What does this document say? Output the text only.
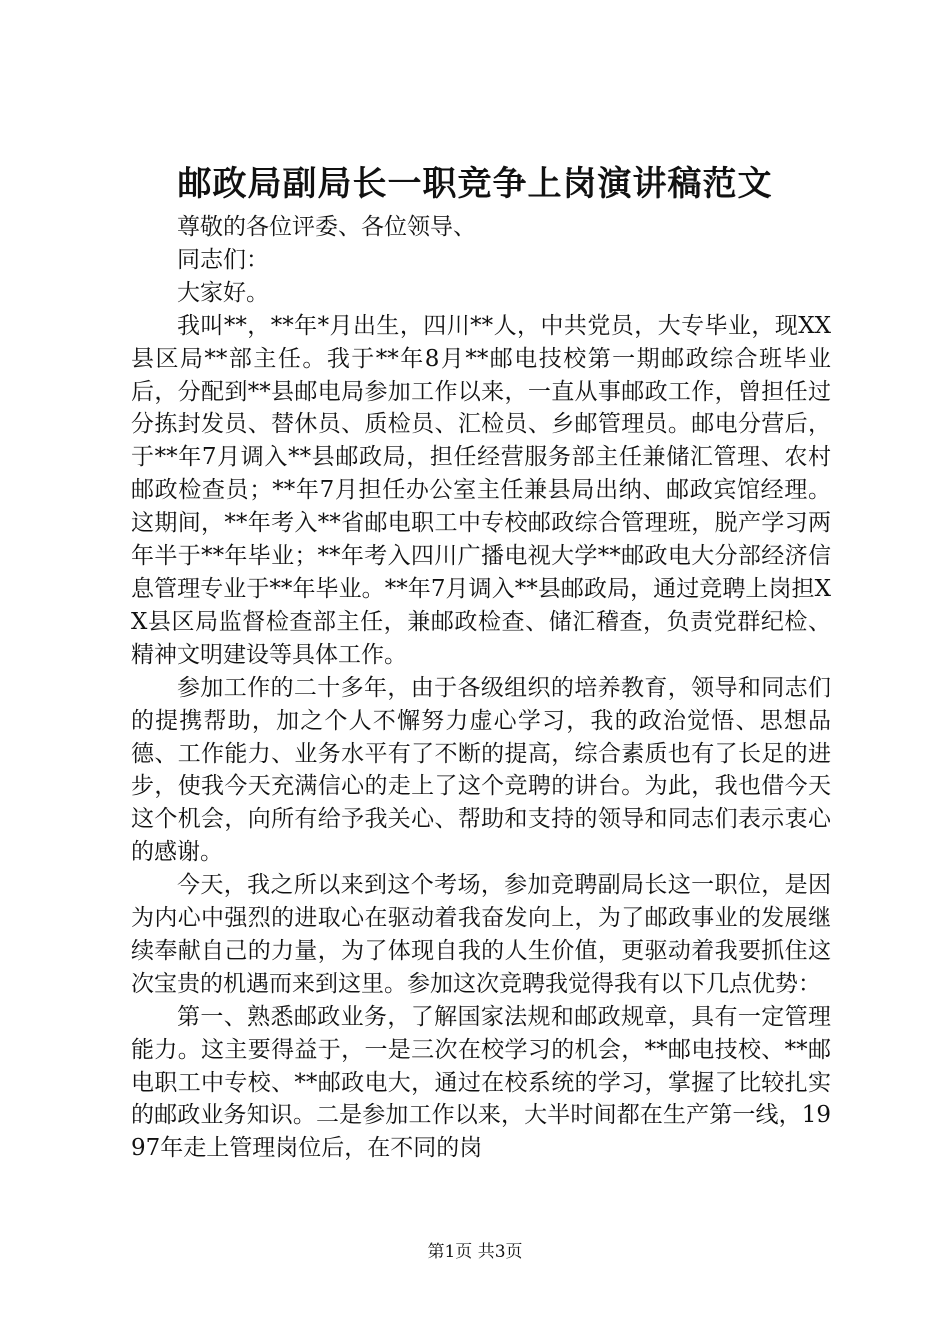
邮政局副局长一职竞争上岗演讲稿范文

尊敬的各位评委、各位领导、

同志们：

大家好。

我叫**，**年*月出生，四川**人，中共党员，大专毕业，现XX县区局**部主任。我于**年8月**邮电技校第一期邮政综合班毕业后，分配到**县邮电局参加工作以来，一直从事邮政工作，曾担任过分拣封发员、替休员、质检员、汇检员、乡邮管理员。邮电分营后，于**年7月调入**县邮政局，担任经营服务部主任兼储汇管理、农村邮政检查员；**年7月担任办公室主任兼县局出纳、邮政宾馆经理。这期间，**年考入**省邮电职工中专校邮政综合管理班，脱产学习两年半于**年毕业；**年考入四川广播电视大学**邮政电大分部经济信息管理专业于**年毕业。**年7月调入**县邮政局，通过竞聘上岗担XX县区局监督检查部主任，兼邮政检查、储汇稽查，负责党群纪检、精神文明建设等具体工作。

参加工作的二十多年，由于各级组织的培养教育，领导和同志们的提携帮助，加之个人不懈努力虚心学习，我的政治觉悟、思想品德、工作能力、业务水平有了不断的提高，综合素质也有了长足的进步，使我今天充满信心的走上了这个竞聘的讲台。为此，我也借今天这个机会，向所有给予我关心、帮助和支持的领导和同志们表示衷心的感谢。

今天，我之所以来到这个考场，参加竞聘副局长这一职位，是因为内心中强烈的进取心在驱动着我奋发向上，为了邮政事业的发展继续奉献自己的力量，为了体现自我的人生价值，更驱动着我要抓住这次宝贵的机遇而来到这里。参加这次竞聘我觉得我有以下几点优势：

第一、熟悉邮政业务，了解国家法规和邮政规章，具有一定管理能力。这主要得益于，一是三次在校学习的机会，**邮电技校、**邮电职工中专校、**邮政电大，通过在校系统的学习，掌握了比较扎实的邮政业务知识。二是参加工作以来，大半时间都在生产第一线，1997年走上管理岗位后，在不同的岗

第1页 共3页
